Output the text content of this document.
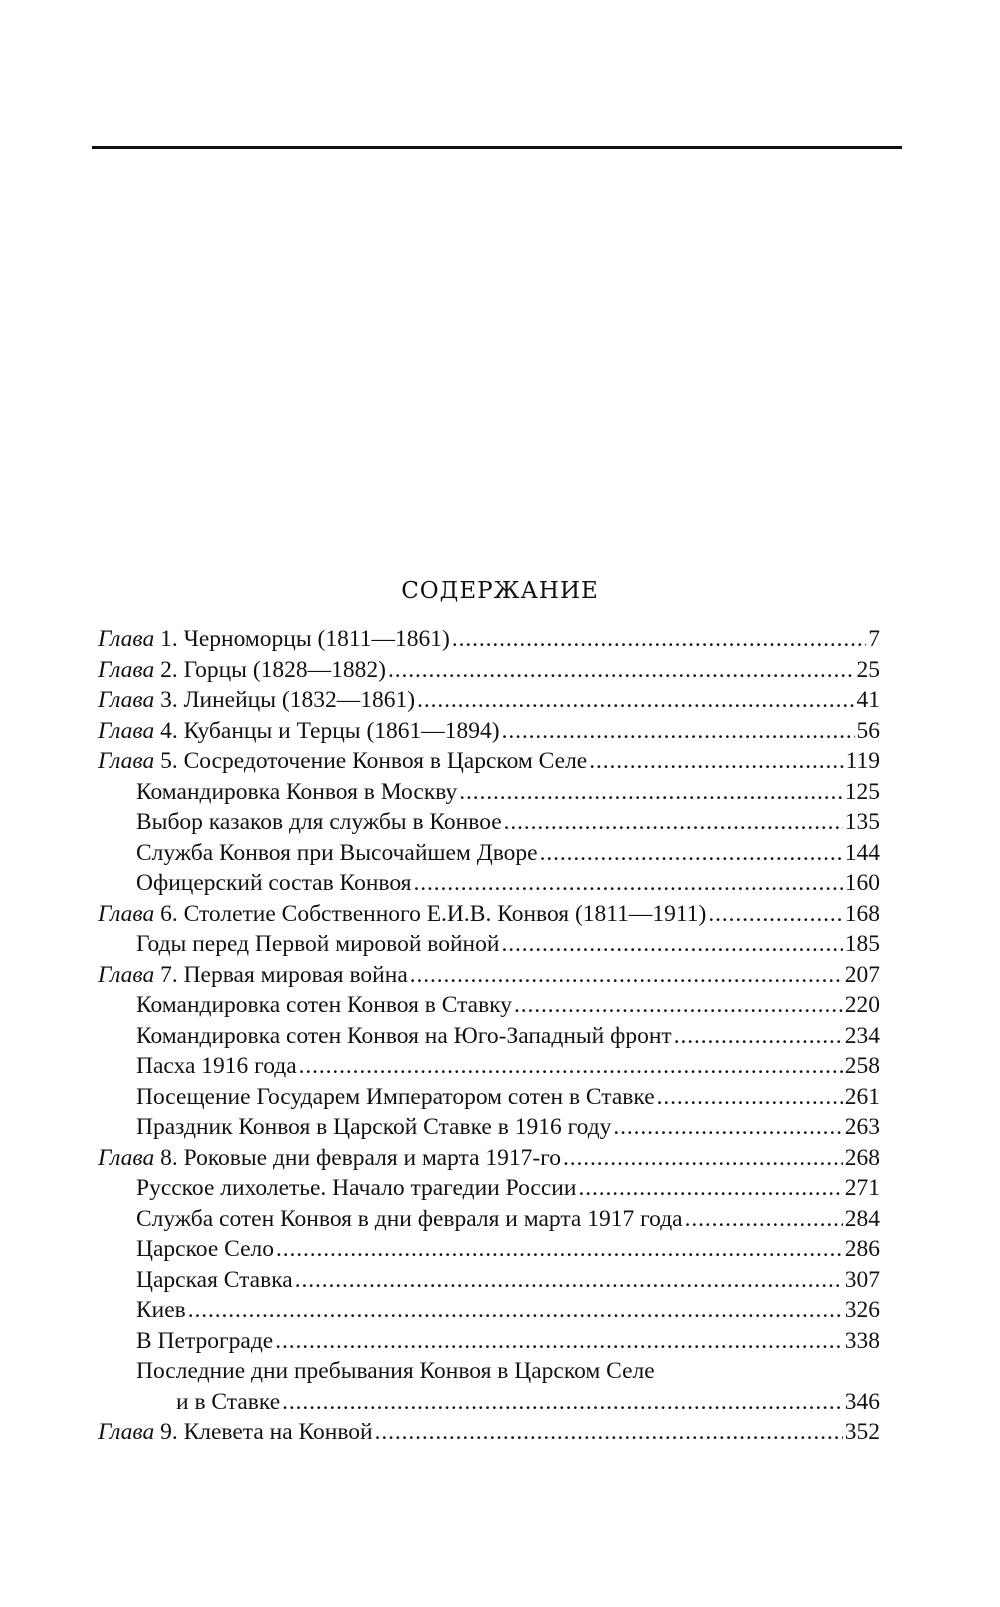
СОДЕРЖАНИЕ
Глава 1. Черноморцы (1811—1861) . . .	7
Глава 2. Горцы (1828—1882) . . .	25
Глава 3. Линейцы (1832—1861) . . .	41
Глава 4. Кубанцы и Терцы (1861—1894) . . .	56
Глава 5. Сосредоточение Конвоя в Царском Селе . . .	119
Командировка Конвоя в Москву . . .	125
Выбор казаков для службы в Конвое . . .	135
Служба Конвоя при Высочайшем Дворе . . .	144
Офицерский состав Конвоя . . .	160
Глава 6. Столетие Собственного Е.И.В. Конвоя (1811—1911) . . .	168
Годы перед Первой мировой войной . . .	185
Глава 7. Первая мировая война . . .	207
Командировка сотен Конвоя в Ставку . . .	220
Командировка сотен Конвоя на Юго-Западный фронт . . .	234
Пасха 1916 года . . .	258
Посещение Государем Императором сотен в Ставке . . .	261
Праздник Конвоя в Царской Ставке в 1916 году . . .	263
Глава 8. Роковые дни февраля и марта 1917-го . . .	268
Русское лихолетье. Начало трагедии России . . .	271
Служба сотен Конвоя в дни февраля и марта 1917 года . . .	284
Царское Село . . .	286
Царская Ставка . . .	307
Киев . . .	326
В Петрограде . . .	338
Последние дни пребывания Конвоя в Царском Селе
и в Ставке . . .	346
Глава 9. Клевета на Конвой . . .	352
